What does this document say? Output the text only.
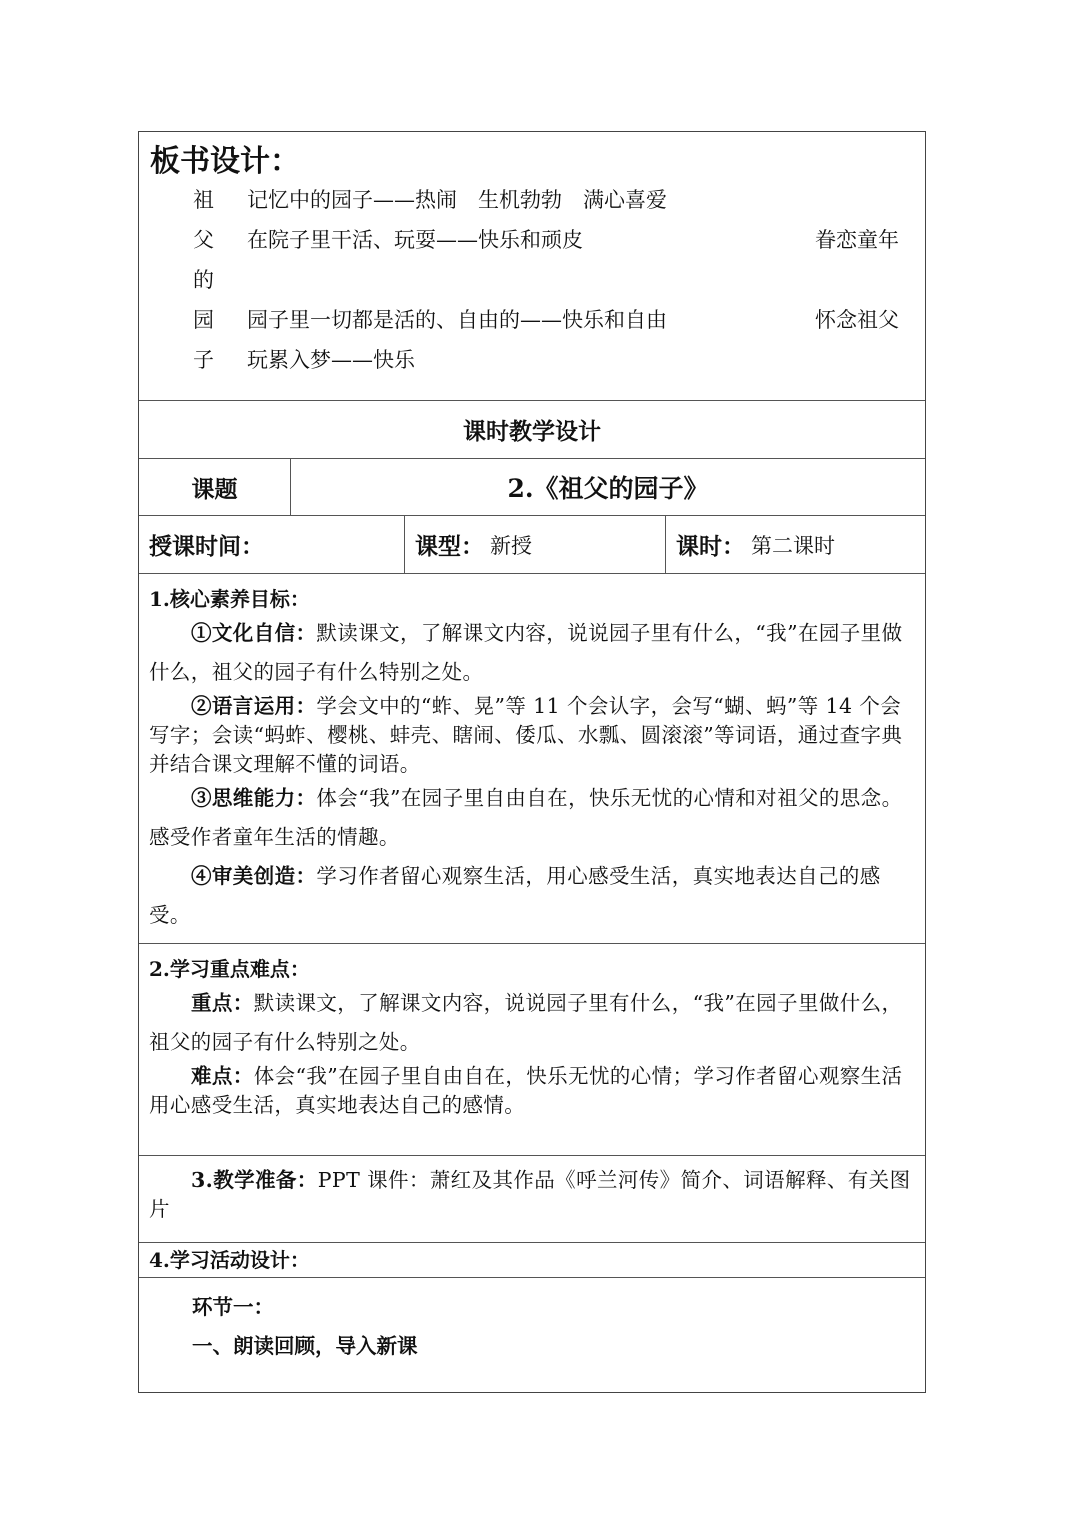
板书设计：
祖 记忆中的园子——热闹　生机勃勃　满心喜爱
父 在院子里干活、玩耍——快乐和顽皮	眷恋童年
的
园 园子里一切都是活的、自由的——快乐和自由	怀念祖父
子 玩累入梦——快乐
课时教学设计
课题	2.《祖父的园子》
授课时间：	课型： 新授	课时： 第二课时
1.核心素养目标：
①文化自信：默读课文，了解课文内容，说说园子里有什么，“我”在园子里做什么，祖父的园子有什么特别之处。
②语言运用：学会文中的“蚱、晃”等 11 个会认字，会写“蝴、蚂”等 14 个会写字；会读“蚂蚱、樱桃、蚌壳、瞎闹、倭瓜、水瓢、圆滚滚”等词语，通过查字典并结合课文理解不懂的词语。
③思维能力：体会“我”在园子里自由自在，快乐无忧的心情和对祖父的思念。感受作者童年生活的情趣。
④审美创造：学习作者留心观察生活，用心感受生活，真实地表达自己的感受。
2.学习重点难点：
重点：默读课文，了解课文内容，说说园子里有什么，“我”在园子里做什么，祖父的园子有什么特别之处。
难点：体会“我”在园子里自由自在，快乐无忧的心情；学习作者留心观察生活用心感受生活，真实地表达自己的感情。
3.教学准备：PPT 课件：萧红及其作品《呼兰河传》简介、词语解释、有关图片
4.学习活动设计：
环节一：
一、朗读回顾，导入新课
